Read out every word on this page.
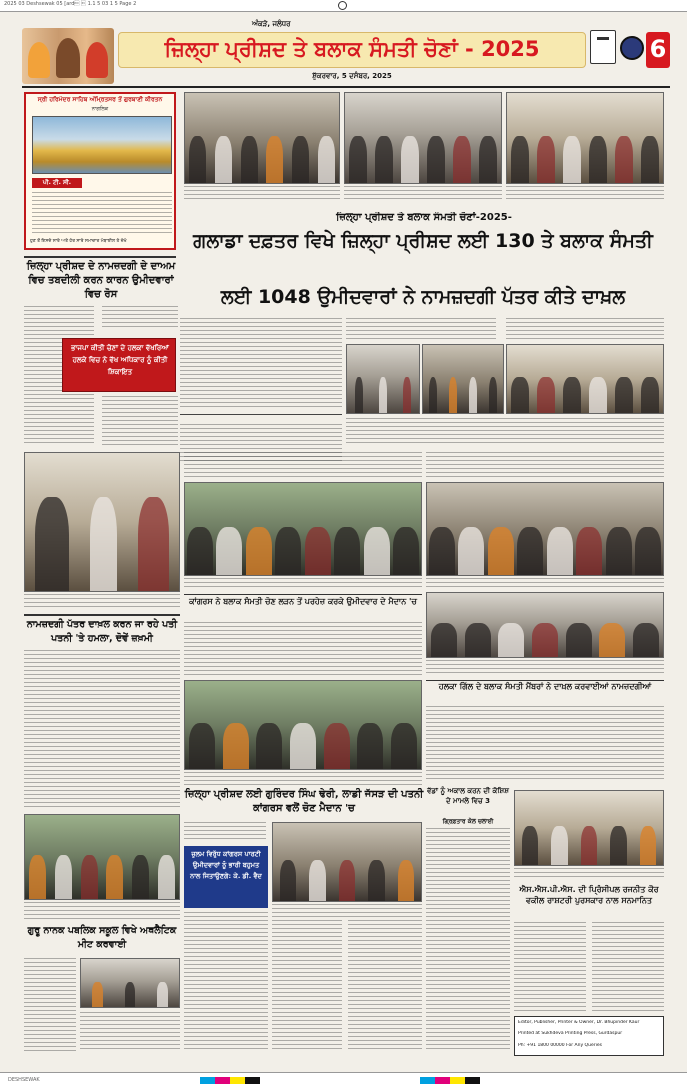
2025 03 Deshsewak 05 [ard  1.1 5 03 1 5 Page 2
ਅੰਕੜੇ, ਜਲੰਧਰ
ਜ਼ਿਲ੍ਹਾ ਪ੍ਰੀਸ਼ਦ ਤੇ ਬਲਾਕ ਸੰਮਤੀ ਚੋਣਾਂ - 2025
ਸ਼ੁੱਕਰਵਾਰ, 5 ਦਸੰਬਰ, 2025
6
ਸ੍ਰੀ ਹਰਿਮੰਦਰ ਸਾਹਿਬ ਅੰਮ੍ਰਿਤਸਰ ਤੋਂ ਗੁਰਬਾਣੀ ਕੀਰਤਨ
ਨਾਗਲਿਕ
ਪੀ. ਟੀ. ਸੀ.
ਹੁਣ ਤੋਂ ਇਸਦੇ ਸਾਰੇ ਅਤੇ ਹੋਰ ਸਾਰੇ ਸਮਾਚਾਰ ਮੋਬਾਈਲ ਤੇ ਦੇਖੋ
ਜ਼ਿਲ੍ਹਾ ਪ੍ਰੀਸ਼ਦ ਤੇ ਬਲਾਕ ਸੰਮਤੀ ਚੋਣਾਂ-2025-
ਗਲਾਡਾ ਦਫ਼ਤਰ ਵਿਖੇ ਜ਼ਿਲ੍ਹਾ ਪ੍ਰੀਸ਼ਦ ਲਈ 130 ਤੇ ਬਲਾਕ ਸੰਮਤੀ
ਲਈ 1048 ਉਮੀਦਵਾਰਾਂ ਨੇ ਨਾਮਜ਼ਦਗੀ ਪੱਤਰ ਕੀਤੇ ਦਾਖ਼ਲ
ਜ਼ਿਲ੍ਹਾ ਪ੍ਰੀਸ਼ਦ ਦੇ ਨਾਮਜ਼ਦਗੀ ਦੇ ਦਾਅਮ ਵਿਚ ਤਬਦੀਲੀ ਕਰਨ ਕਾਰਨ ਉਮੀਦਵਾਰਾਂ ਵਿਚ ਰੋਸ
ਭਾਜਪਾ ਕੀਤੀ ਚੋਣਾਂ ਦੇ ਹਲਕਾ ਵੱਖਰਿਆਂ ਹਲਕੇ ਵਿਚ ਨੇ ਵੱਖ ਅਧਿਕਾਰ ਨੂੰ ਕੀਤੀ ਸ਼ਿਕਾਇਤ
ਨਾਮਜ਼ਦਗੀ ਪੱਤਰ ਦਾਖ਼ਲ ਕਰਨ ਜਾ ਰਹੇ ਪਤੀ ਪਤਨੀ 'ਤੇ ਹਮਲਾ, ਦੋਵੇਂ ਜ਼ਖ਼ਮੀ
ਕਾਂਗਰਸ ਨੇ ਬਲਾਕ ਸੰਮਤੀ ਚੋਣ ਲੜਨ ਤੋਂ ਪਰਹੇਜ਼ ਕਰਕੇ ਉਮੀਦਵਾਰ ਦੇ ਮੈਦਾਨ 'ਚ
ਹਲਕਾ ਗਿੱਲ ਦੇ ਬਲਾਕ ਸੰਮਤੀ ਮੈਂਬਰਾਂ ਨੇ ਦਾਖ਼ਲ ਕਰਵਾਈਆਂ ਨਾਮਜ਼ਦਗੀਆਂ
ਜ਼ਿਲ੍ਹਾ ਪ੍ਰੀਸ਼ਦ ਲਈ ਗੁਰਿੰਦਰ ਸਿੰਘ ਢੇਰੀ, ਲਾਡੀ ਜੱਸੜ ਦੀ ਪਤਨੀ ਕਾਂਗਰਸ ਵਲੋਂ ਚੋਣ ਮੈਦਾਨ 'ਚ
ਜ਼ੁਲਮ ਵਿਰੁੱਧ ਕਾਂਗਰਸ ਪਾਰਟੀ ਉਮੀਦਵਾਰਾਂ ਨੂੰ ਭਾਰੀ ਬਹੁਮਤ ਨਾਲ ਜਿਤਾਉਣਗੇ: ਕੇ. ਡੀ. ਵੈਦ
ਵੱਡਾਂ ਨੂੰ ਅਕਾਲ ਕਰਨ ਦੀ ਕੋਸ਼ਿਸ਼ ਦੇ ਮਾਮਲੇ ਵਿਚ 3
ਗ੍ਰਿਫ਼ਤਾਰ ਕੋਲ ਚਲਾਈ
ਐਸ.ਐਸ.ਪੀ.ਐਸ. ਦੀ ਪ੍ਰਿੰਸੀਪਲ ਰਜਨੀਤ ਕੌਰ ਵਕੀਲ ਰਾਸ਼ਟਰੀ ਪੁਰਸਕਾਰ ਨਾਲ ਸਨਮਾਨਿਤ
Editor, Publisher, Printer & Owner, Dr. Bhupinder Kaur
Printed at Sukhdeva Printing Press, Gurdaspur
Ph: +91 1800 00000 For Any Queries
ਗੁਰੂ ਨਾਨਕ ਪਬਲਿਕ ਸਕੂਲ ਵਿਖੇ ਅਥਲੈਟਿਕ ਮੀਟ ਕਰਵਾਈ
DESHSEWAK
